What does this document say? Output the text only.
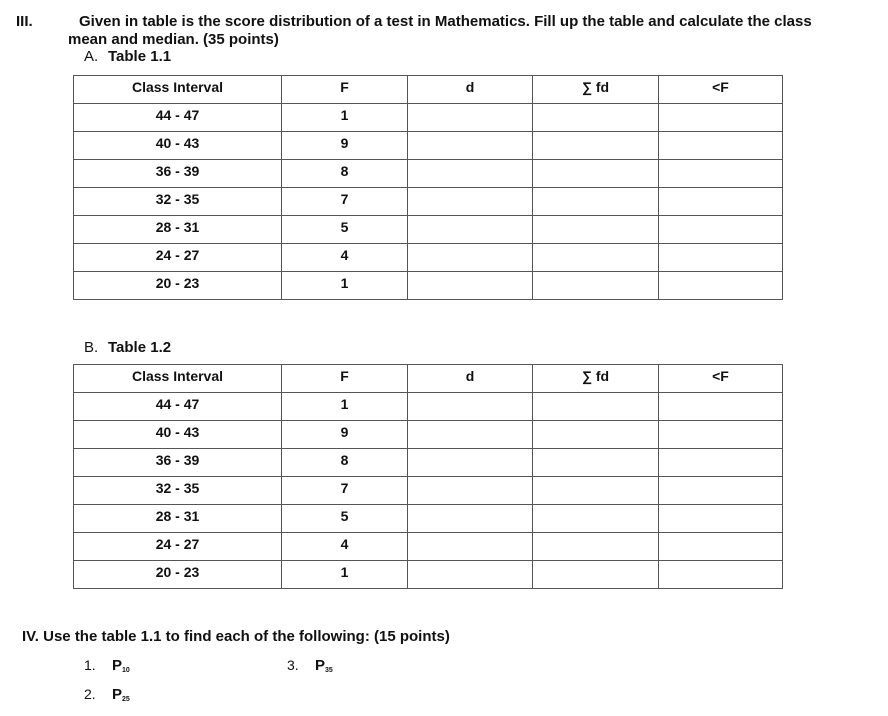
III.	Given in table is the score distribution of a test in Mathematics. Fill up the table and calculate the class
mean and median. (35 points)
A. Table 1.1
Class Interval	F	d	∑ fd	<F
44 - 47	1			
40 - 43	9			
36 - 39	8			
32 - 35	7			
28 - 31	5			
24 - 27	4			
20 - 23	1			
B. Table 1.2
Class Interval	F	d	∑ fd	<F
44 - 47	1			
40 - 43	9			
36 - 39	8			
32 - 35	7			
28 - 31	5			
24 - 27	4			
20 - 23	1			
IV. Use the table 1.1 to find each of the following: (15 points)
1. $P_{10}$
2. $P_{25}$
3. $P_{35}$
